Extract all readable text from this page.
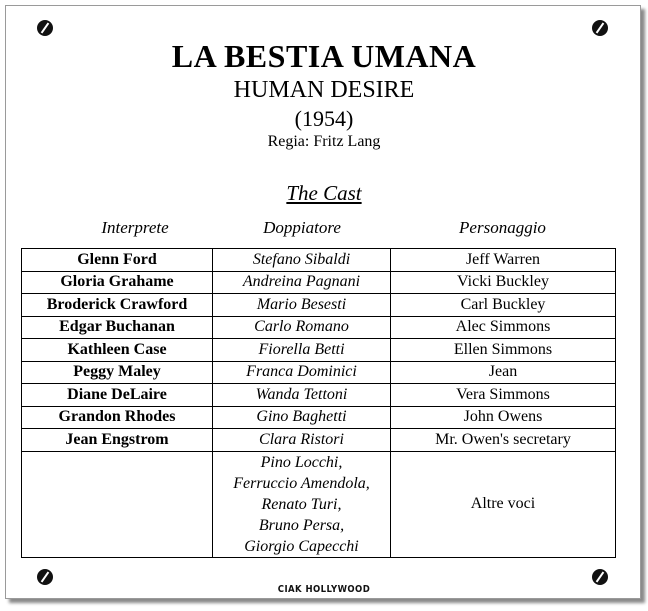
LA BESTIA UMANA
HUMAN DESIRE
(1954)
Regia: Fritz Lang
The Cast
Interprete	Doppiatore	Personaggio
Glenn Ford	Stefano Sibaldi	Jeff Warren
Gloria Grahame	Andreina Pagnani	Vicki Buckley
Broderick Crawford	Mario Besesti	Carl Buckley
Edgar Buchanan	Carlo Romano	Alec Simmons
Kathleen Case	Fiorella Betti	Ellen Simmons
Peggy Maley	Franca Dominici	Jean
Diane DeLaire	Wanda Tettoni	Vera Simmons
Grandon Rhodes	Gino Baghetti	John Owens
Jean Engstrom	Clara Ristori	Mr. Owen's secretary

	Pino Locchi,
Ferruccio Amendola,
Renato Turi,
Bruno Persa,
Giorgio Capecchi	Altre voci
CIAK HOLLYWOOD
